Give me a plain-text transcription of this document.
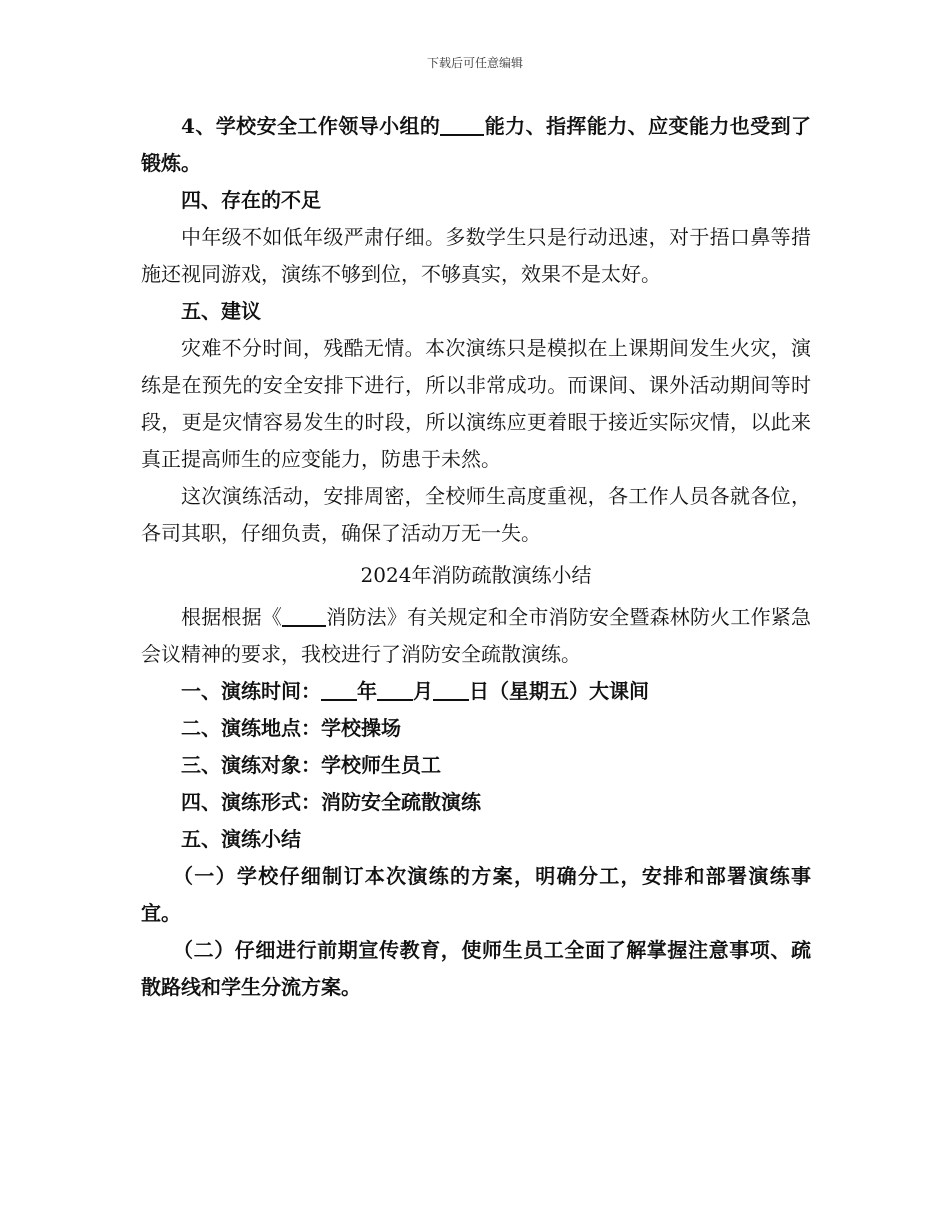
下载后可任意编辑

4、学校安全工作领导小组的 能力、指挥能力、应变能力也受到了锻炼。

四、存在的不足

中年级不如低年级严肃仔细。多数学生只是行动迅速，对于捂口鼻等措施还视同游戏，演练不够到位，不够真实，效果不是太好。

五、建议

灾难不分时间，残酷无情。本次演练只是模拟在上课期间发生火灾，演练是在预先的安全安排下进行，所以非常成功。而课间、课外活动期间等时段，更是灾情容易发生的时段，所以演练应更着眼于接近实际灾情，以此来真正提高师生的应变能力，防患于未然。

这次演练活动，安排周密，全校师生高度重视，各工作人员各就各位，各司其职，仔细负责，确保了活动万无一失。

2024年消防疏散演练小结

根据根据《 消防法》有关规定和全市消防安全暨森林防火工作紧急会议精神的要求，我校进行了消防安全疏散演练。

一、演练时间： 年 月 日（星期五）大课间

二、演练地点：学校操场

三、演练对象：学校师生员工

四、演练形式：消防安全疏散演练

五、演练小结

（一）学校仔细制订本次演练的方案，明确分工，安排和部署演练事宜。

（二）仔细进行前期宣传教育，使师生员工全面了解掌握注意事项、疏散路线和学生分流方案。
